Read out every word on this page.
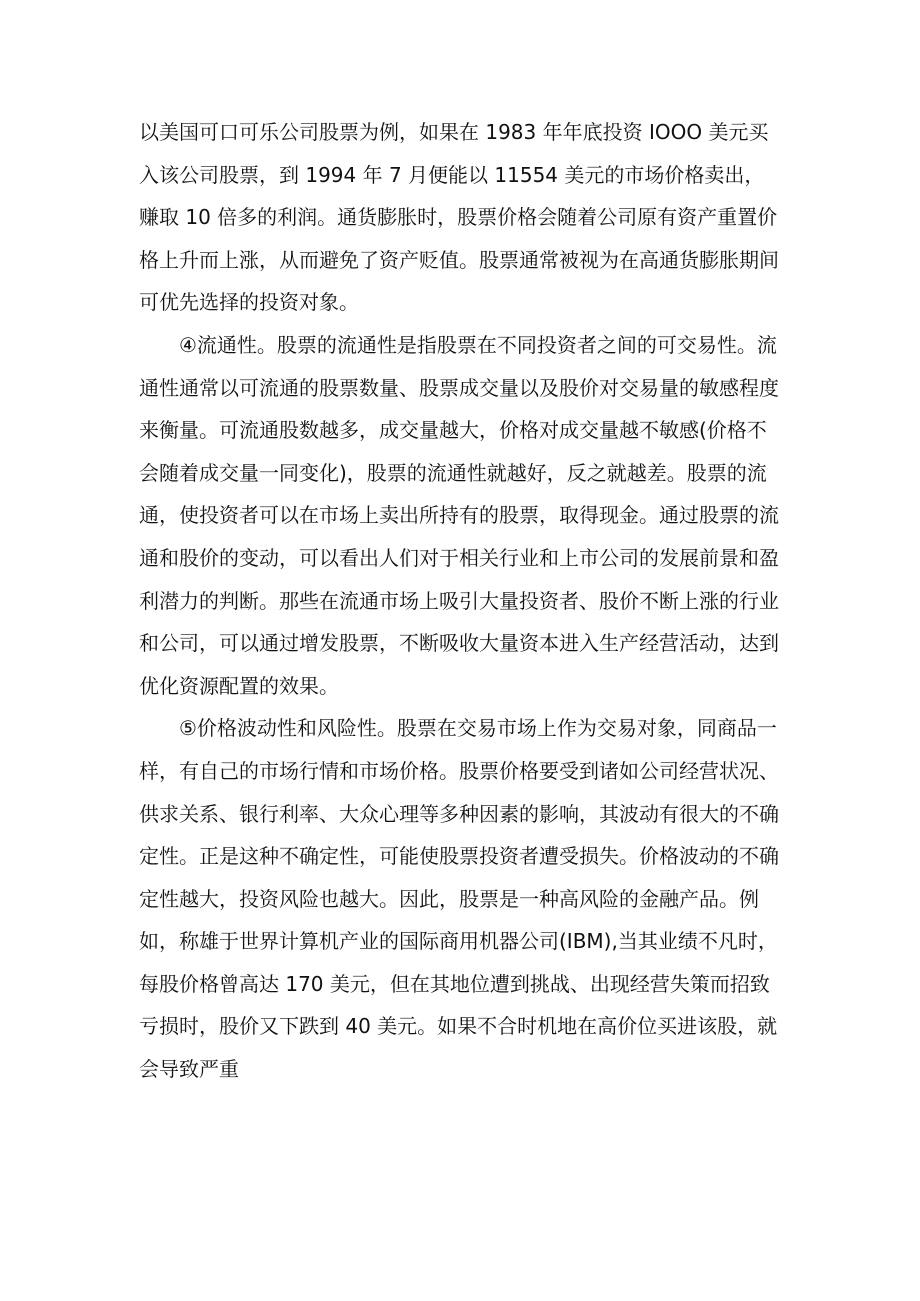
以美国可口可乐公司股票为例，如果在 1983 年年底投资 IOOO 美元买入该公司股票，到 1994 年 7 月便能以 11554 美元的市场价格卖出，赚取 10 倍多的利润。通货膨胀时，股票价格会随着公司原有资产重置价格上升而上涨，从而避免了资产贬值。股票通常被视为在高通货膨胀期间可优先选择的投资对象。

④流通性。股票的流通性是指股票在不同投资者之间的可交易性。流通性通常以可流通的股票数量、股票成交量以及股价对交易量的敏感程度来衡量。可流通股数越多，成交量越大，价格对成交量越不敏感(价格不会随着成交量一同变化)，股票的流通性就越好，反之就越差。股票的流通，使投资者可以在市场上卖出所持有的股票，取得现金。通过股票的流通和股价的变动，可以看出人们对于相关行业和上市公司的发展前景和盈利潜力的判断。那些在流通市场上吸引大量投资者、股价不断上涨的行业和公司，可以通过增发股票，不断吸收大量资本进入生产经营活动，达到优化资源配置的效果。

⑤价格波动性和风险性。股票在交易市场上作为交易对象，同商品一样，有自己的市场行情和市场价格。股票价格要受到诸如公司经营状况、供求关系、银行利率、大众心理等多种因素的影响，其波动有很大的不确定性。正是这种不确定性，可能使股票投资者遭受损失。价格波动的不确定性越大，投资风险也越大。因此，股票是一种高风险的金融产品。例如，称雄于世界计算机产业的国际商用机器公司(IBM),当其业绩不凡时，每股价格曾高达 170 美元，但在其地位遭到挑战、出现经营失策而招致亏损时，股价又下跌到 40 美元。如果不合时机地在高价位买进该股，就会导致严重
